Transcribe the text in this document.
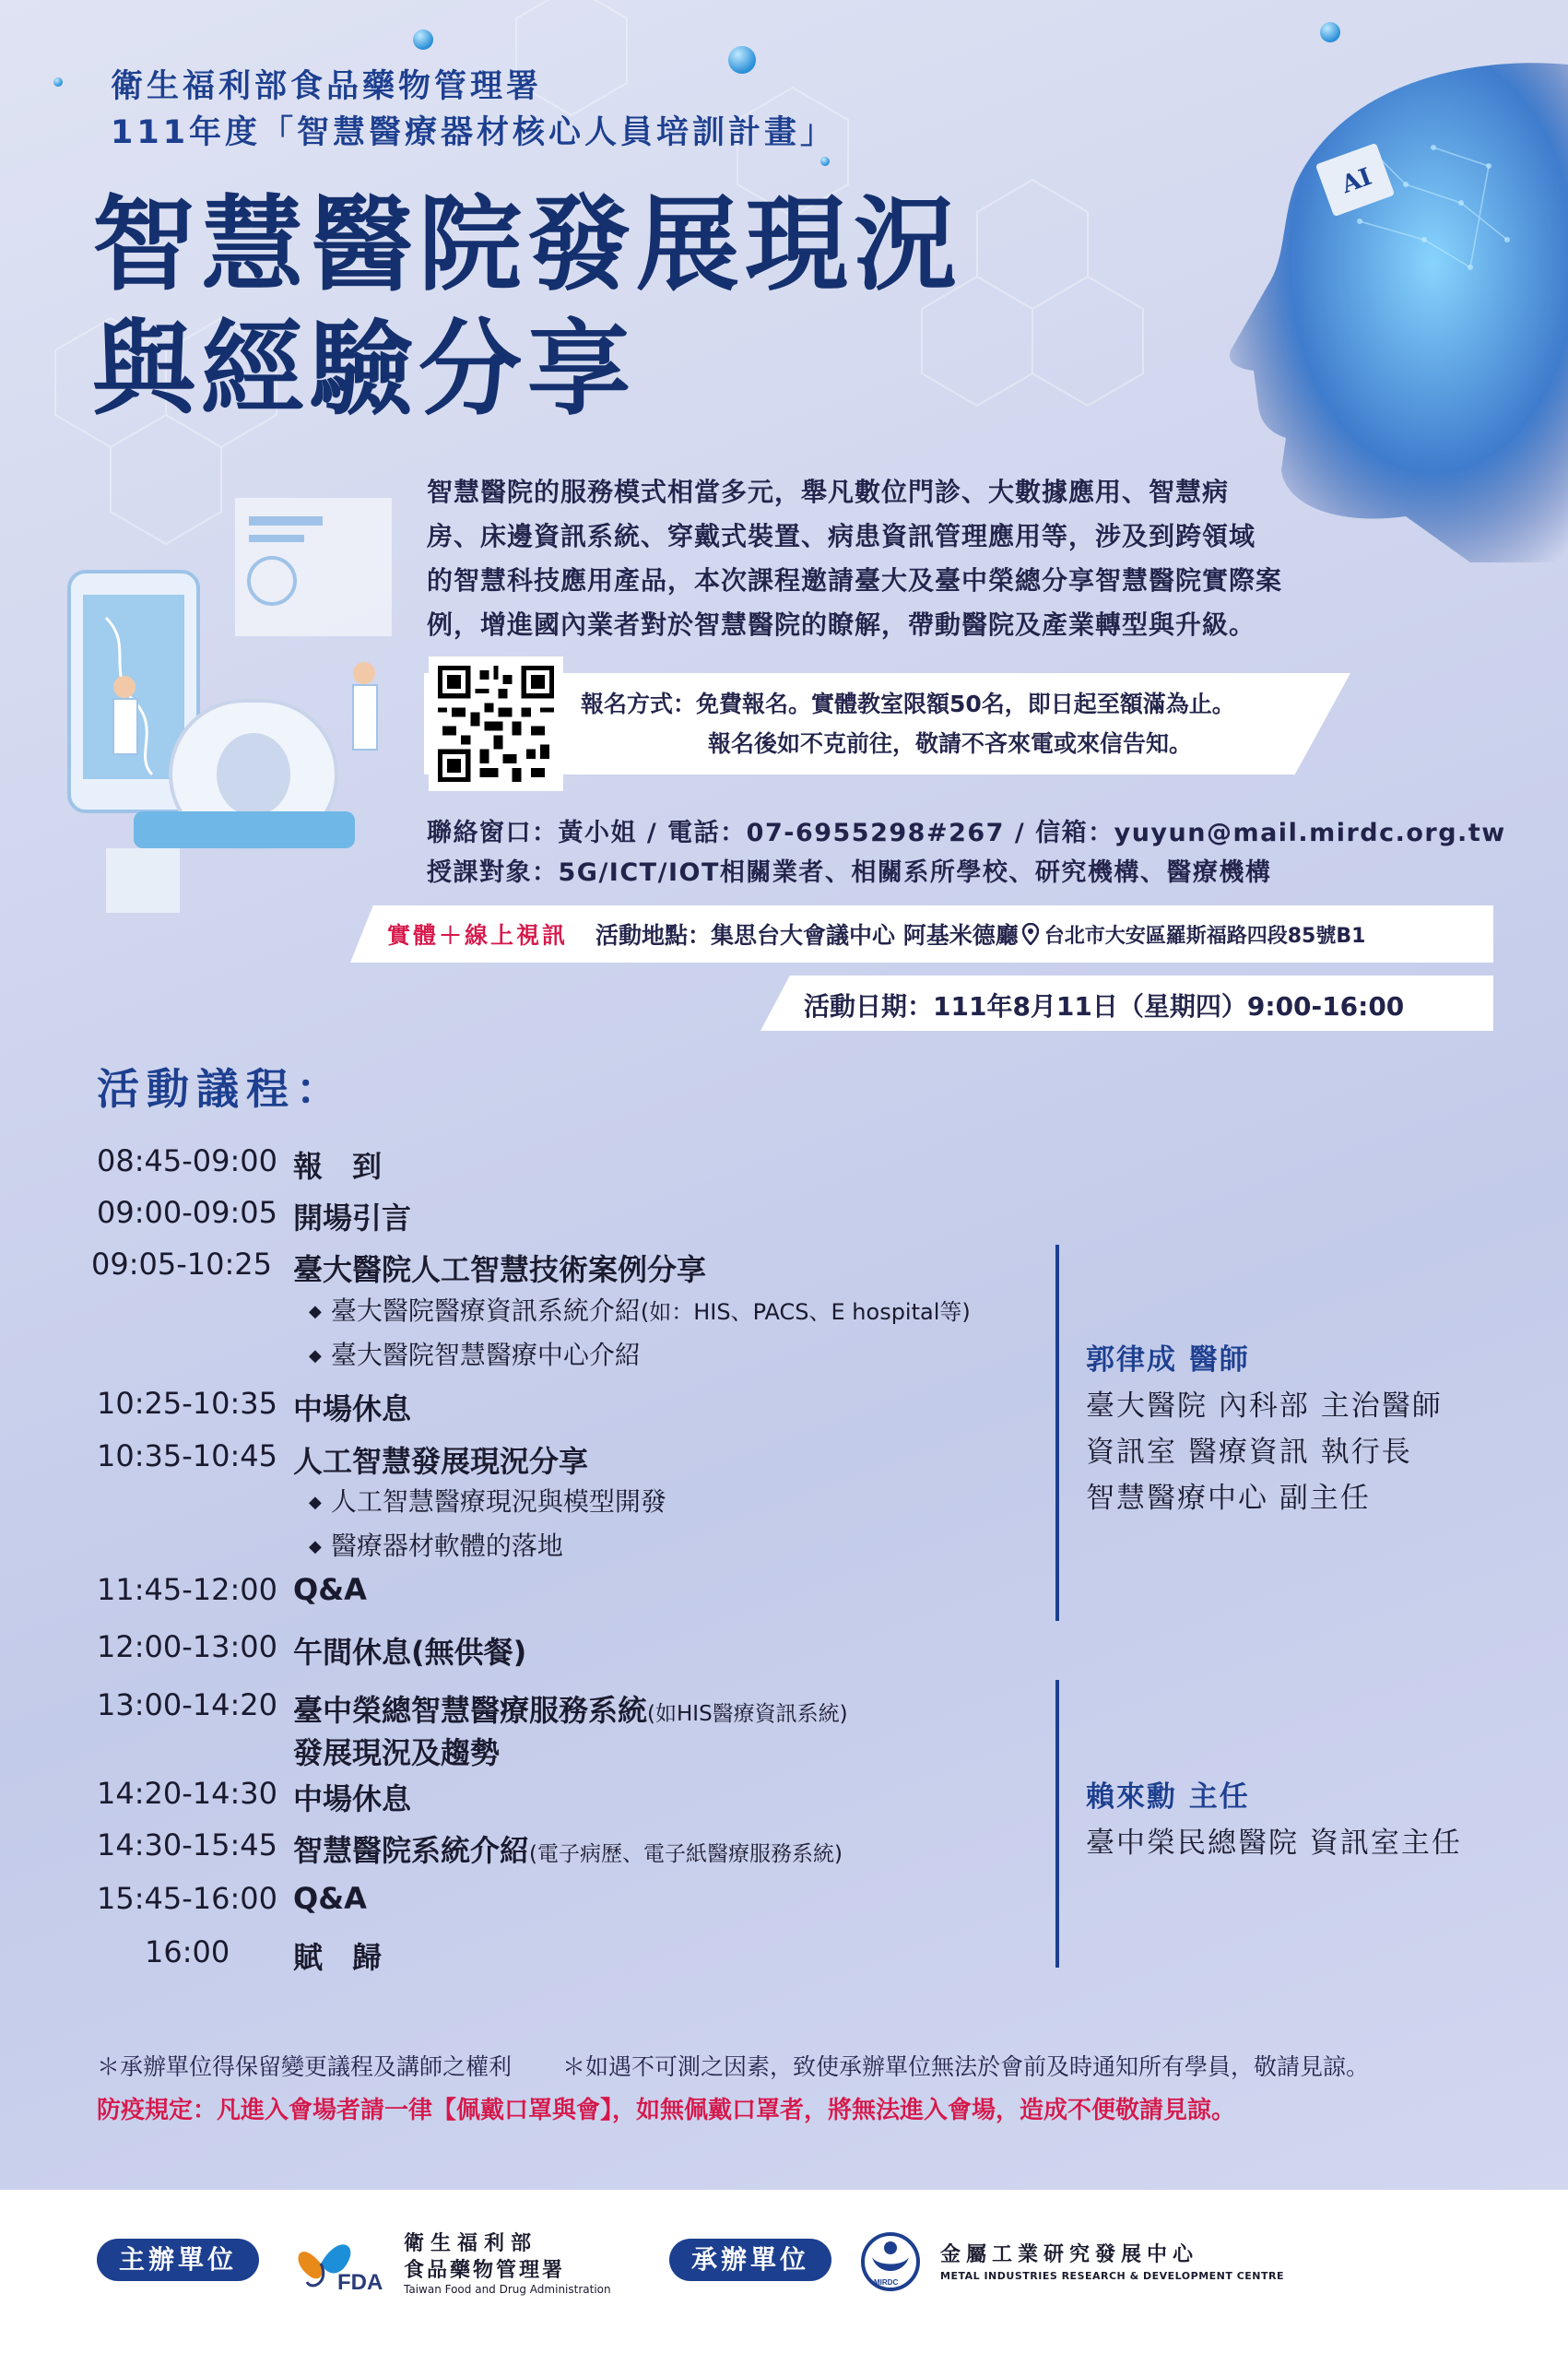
衛生福利部食品藥物管理署
111年度「智慧醫療器材核心人員培訓計畫」
智慧醫院發展現況
與經驗分享
AI

智慧醫院的服務模式相當多元，舉凡數位門診、大數據應用、智慧病

房、床邊資訊系統、穿戴式裝置、病患資訊管理應用等，涉及到跨領域

的智慧科技應用產品，本次課程邀請臺大及臺中榮總分享智慧醫院實際案

例，增進國內業者對於智慧醫院的瞭解，帶動醫院及產業轉型與升級。

報名方式：免費報名。實體教室限額50名，即日起至額滿為止。
報名後如不克前往，敬請不吝來電或來信告知。
聯絡窗口：黃小姐 / 電話：07-6955298#267 / 信箱：yuyun@mail.mirdc.org.tw
授課對象：5G/ICT/IOT相關業者、相關系所學校、研究機構、醫療機構
實體＋線上視訊 活動地點：集思台大會議中心 阿基米德廳 台北市大安區羅斯福路四段85號B1
活動日期：111年8月11日（星期四）9:00-16:00
活動議程：
08:45-09:00 報　到
09:00-09:05 開場引言
09:05-10:25 臺大醫院人工智慧技術案例分享
◆ 臺大醫院醫療資訊系統介紹(如：HIS、PACS、E hospital等)
◆ 臺大醫院智慧醫療中心介紹
10:25-10:35 中場休息
10:35-10:45 人工智慧發展現況分享
◆ 人工智慧醫療現況與模型開發
◆ 醫療器材軟體的落地
11:45-12:00 Q&A
12:00-13:00 午間休息(無供餐)
13:00-14:20 臺中榮總智慧醫療服務系統(如HIS醫療資訊系統)
發展現況及趨勢
14:20-14:30 中場休息
14:30-15:45 智慧醫院系統介紹(電子病歷、電子紙醫療服務系統)
15:45-16:00 Q&A
16:00	賦　歸
郭律成 醫師
臺大醫院 內科部 主治醫師
資訊室 醫療資訊 執行長
智慧醫療中心 副主任
賴來勳 主任
臺中榮民總醫院 資訊室主任
＊承辦單位得保留變更議程及講師之權利 ＊如遇不可測之因素，致使承辦單位無法於會前及時通知所有學員，敬請見諒。
防疫規定：凡進入會場者請一律【佩戴口罩與會】，如無佩戴口罩者，將無法進入會場，造成不便敬請見諒。
主辦單位
FDA
衛生福利部
食品藥物管理署
Taiwan Food and Drug Administration
承辦單位
MIRDC
金屬工業研究發展中心
METAL INDUSTRIES RESEARCH & DEVELOPMENT CENTRE
